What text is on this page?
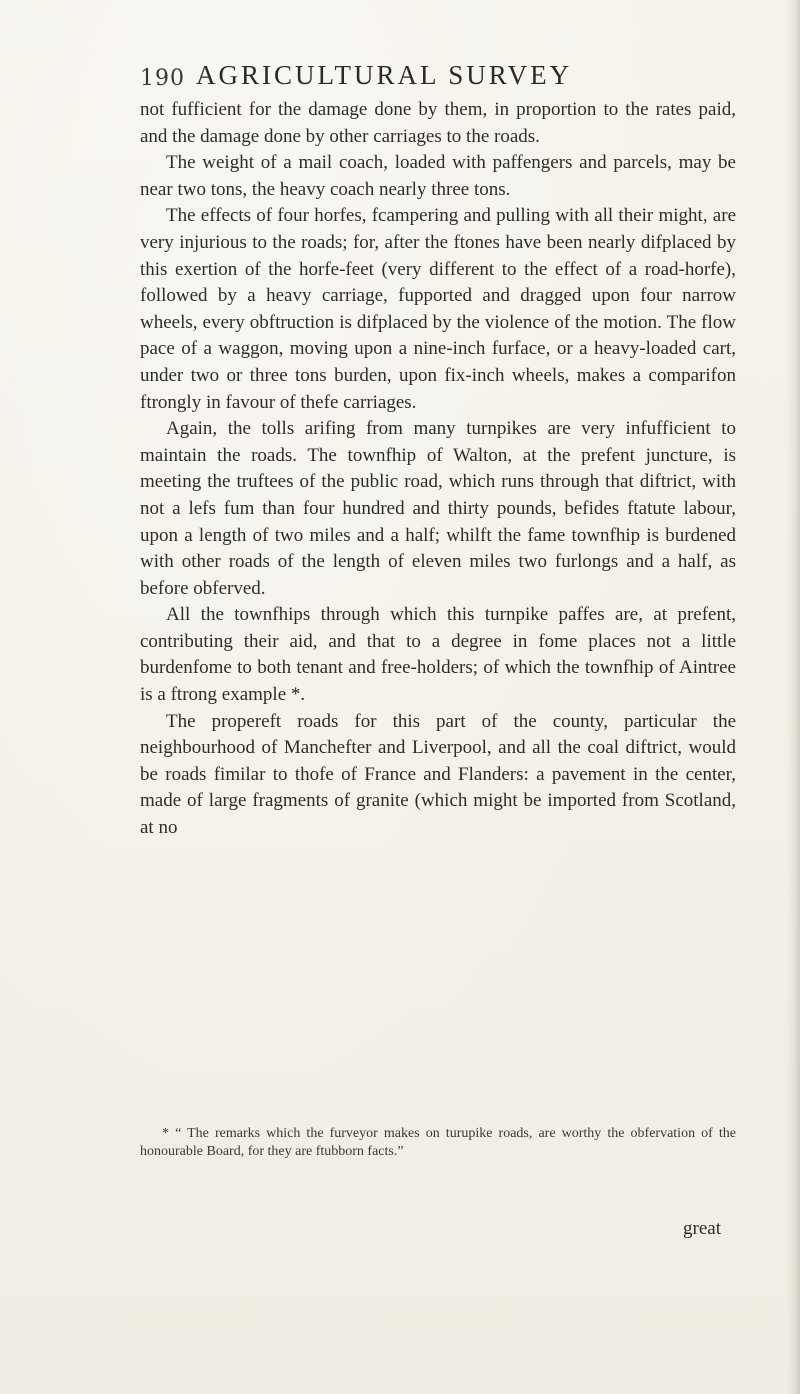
190 AGRICULTURAL SURVEY

not fufficient for the damage done by them, in proportion to the rates paid, and the damage done by other carriages to the roads.

The weight of a mail coach, loaded with paffengers and parcels, may be near two tons, the heavy coach nearly three tons.

The effects of four horfes, fcampering and pulling with all their might, are very injurious to the roads; for, after the ftones have been nearly difplaced by this exertion of the horfe-feet (very different to the effect of a road-horfe), followed by a heavy carriage, fupported and dragged upon four narrow wheels, every obftruction is difplaced by the violence of the motion. The flow pace of a waggon, moving upon a nine-inch furface, or a heavy-loaded cart, under two or three tons burden, upon fix-inch wheels, makes a comparifon ftrongly in favour of thefe carriages.

Again, the tolls arifing from many turnpikes are very infufficient to maintain the roads. The townfhip of Walton, at the prefent juncture, is meeting the truftees of the public road, which runs through that diftrict, with not a lefs fum than four hundred and thirty pounds, befides ftatute labour, upon a length of two miles and a half; whilft the fame townfhip is burdened with other roads of the length of eleven miles two furlongs and a half, as before obferved.

All the townfhips through which this turnpike paffes are, at prefent, contributing their aid, and that to a degree in fome places not a little burdenfome to both tenant and free-holders; of which the townfhip of Aintree is a ftrong example *.

The propereft roads for this part of the county, particular the neighbourhood of Manchefter and Liverpool, and all the coal diftrict, would be roads fimilar to thofe of France and Flanders: a pavement in the center, made of large fragments of granite (which might be imported from Scotland, at no

* “ The remarks which the furveyor makes on turupike roads, are worthy the obfervation of the honourable Board, for they are ftubborn facts.”
great
